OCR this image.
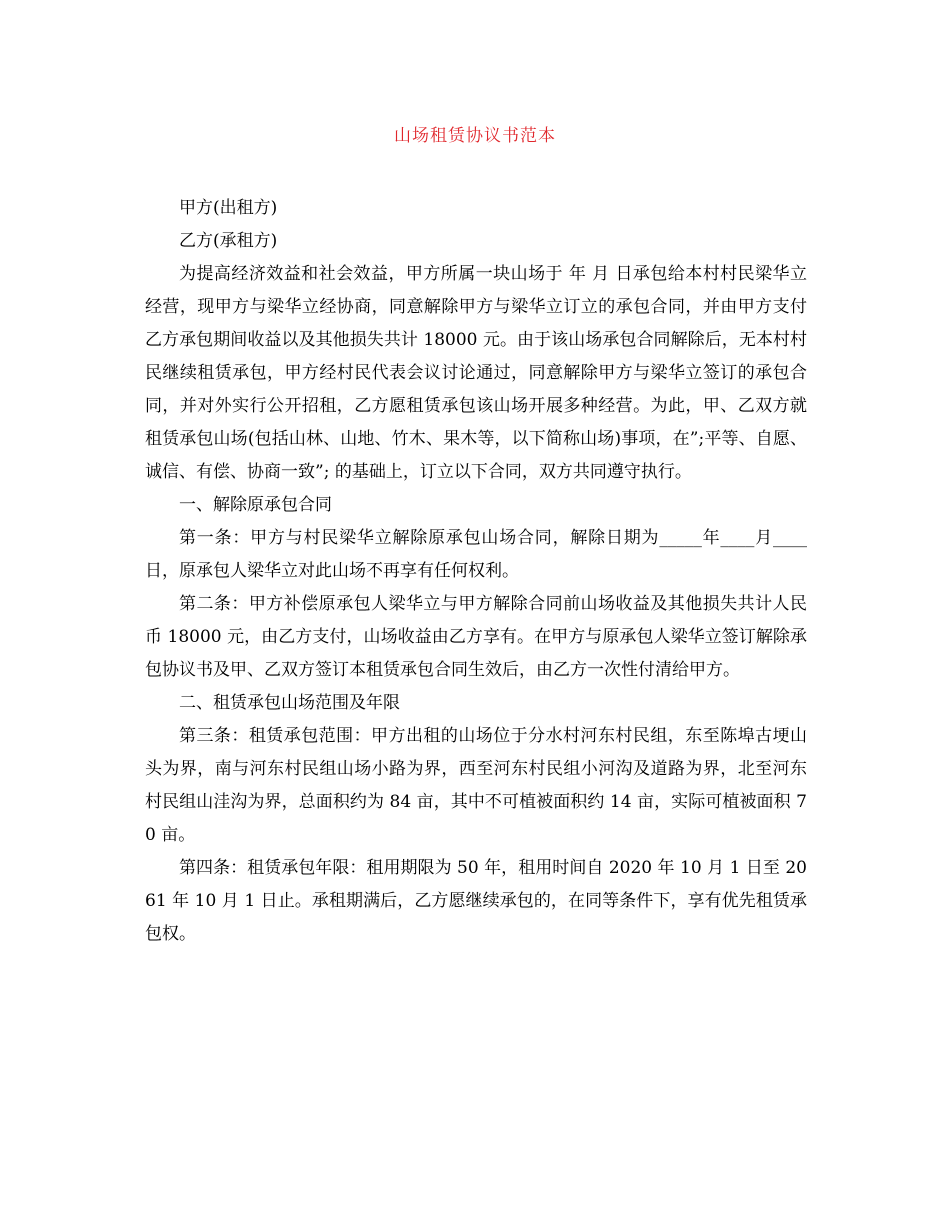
山场租赁协议书范本

甲方(出租方)

乙方(承租方)

为提高经济效益和社会效益，甲方所属一块山场于 年 月 日承包给本村村民梁华立经营，现甲方与梁华立经协商，同意解除甲方与梁华立订立的承包合同，并由甲方支付乙方承包期间收益以及其他损失共计 18000 元。由于该山场承包合同解除后，无本村村民继续租赁承包，甲方经村民代表会议讨论通过，同意解除甲方与梁华立签订的承包合同，并对外实行公开招租，乙方愿租赁承包该山场开展多种经营。为此，甲、乙双方就租赁承包山场(包括山林、山地、竹木、果木等，以下简称山场)事项，在”;平等、自愿、诚信、有偿、协商一致”; 的基础上，订立以下合同，双方共同遵守执行。

一、解除原承包合同

第一条：甲方与村民梁华立解除原承包山场合同，解除日期为_____年____月____日，原承包人梁华立对此山场不再享有任何权利。

第二条：甲方补偿原承包人梁华立与甲方解除合同前山场收益及其他损失共计人民币 18000 元，由乙方支付，山场收益由乙方享有。在甲方与原承包人梁华立签订解除承包协议书及甲、乙双方签订本租赁承包合同生效后，由乙方一次性付清给甲方。

二、租赁承包山场范围及年限

第三条：租赁承包范围：甲方出租的山场位于分水村河东村民组，东至陈埠古埂山头为界，南与河东村民组山场小路为界，西至河东村民组小河沟及道路为界，北至河东村民组山洼沟为界，总面积约为 84 亩，其中不可植被面积约 14 亩，实际可植被面积 70 亩。

第四条：租赁承包年限：租用期限为 50 年，租用时间自 2020 年 10 月 1 日至 2061 年 10 月 1 日止。承租期满后，乙方愿继续承包的，在同等条件下，享有优先租赁承包权。
